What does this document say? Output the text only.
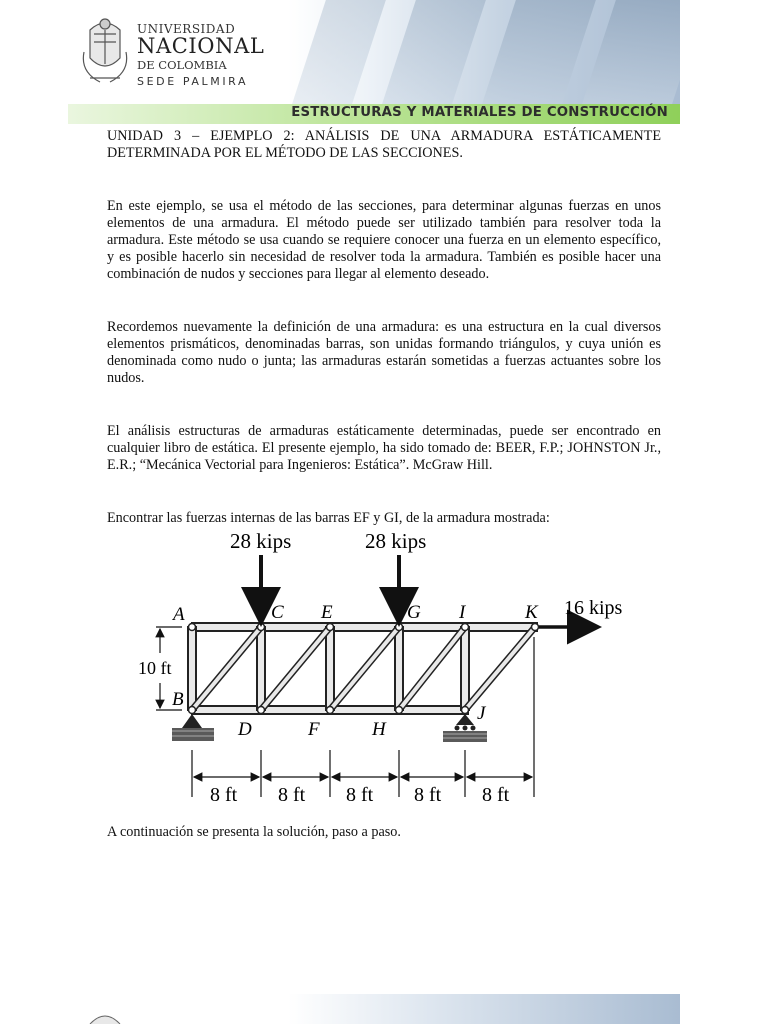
UNIVERSIDAD
NACIONAL
DE COLOMBIA
SEDE PALMIRA
ESTRUCTURAS Y MATERIALES DE CONSTRUCCIÓN

UNIDAD 3 – EJEMPLO 2: ANÁLISIS DE UNA ARMADURA ESTÁTICAMENTE DETERMINADA POR EL MÉTODO DE LAS SECCIONES.

En este ejemplo, se usa el método de las secciones, para determinar algunas fuerzas en unos elementos de una armadura. El método puede ser utilizado también para resolver toda la armadura. Este método se usa cuando se requiere conocer una fuerza en un elemento específico, y es posible hacerlo sin necesidad de resolver toda la armadura. También es posible hacer una combinación de nudos y secciones para llegar al elemento deseado.

Recordemos nuevamente la definición de una armadura: es una estructura en la cual diversos elementos prismáticos, denominadas barras, son unidas formando triángulos, y cuya unión es denominada como nudo o junta; las armaduras estarán sometidas a fuerzas actuantes sobre los nudos.

El análisis estructuras de armaduras estáticamente determinadas, puede ser encontrado en cualquier libro de estática. El presente ejemplo, ha sido tomado de: BEER, F.P.; JOHNSTON Jr., E.R.; “Mecánica Vectorial para Ingenieros: Estática”. McGraw Hill.

Encontrar las fuerzas internas de las barras EF y GI, de la armadura mostrada:

28 kips	28 kips
16 kips
A	C E	G I	K
B
D	F	H
J
10 ft
8 ft 8 ft 8 ft 8 ft 8 ft

A continuación se presenta la solución, paso a paso.
